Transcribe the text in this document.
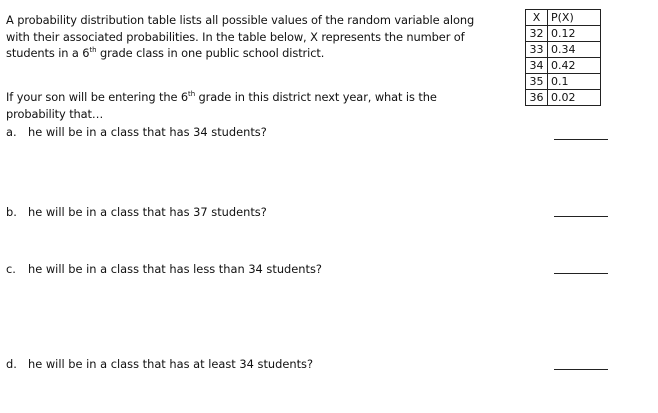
A probability distribution table lists all possible values of the random variable along
with their associated probabilities. In the table below, X represents the number of
students in a 6th grade class in one public school district.
If your son will be entering the 6th grade in this district next year, what is the
probability that…
a. he will be in a class that has 34 students?
b. he will be in a class that has 37 students?
c. he will be in a class that has less than 34 students?
d. he will be in a class that has at least 34 students?
X	P(X)
32	0.12
33	0.34
34	0.42
35	0.1
36	0.02
